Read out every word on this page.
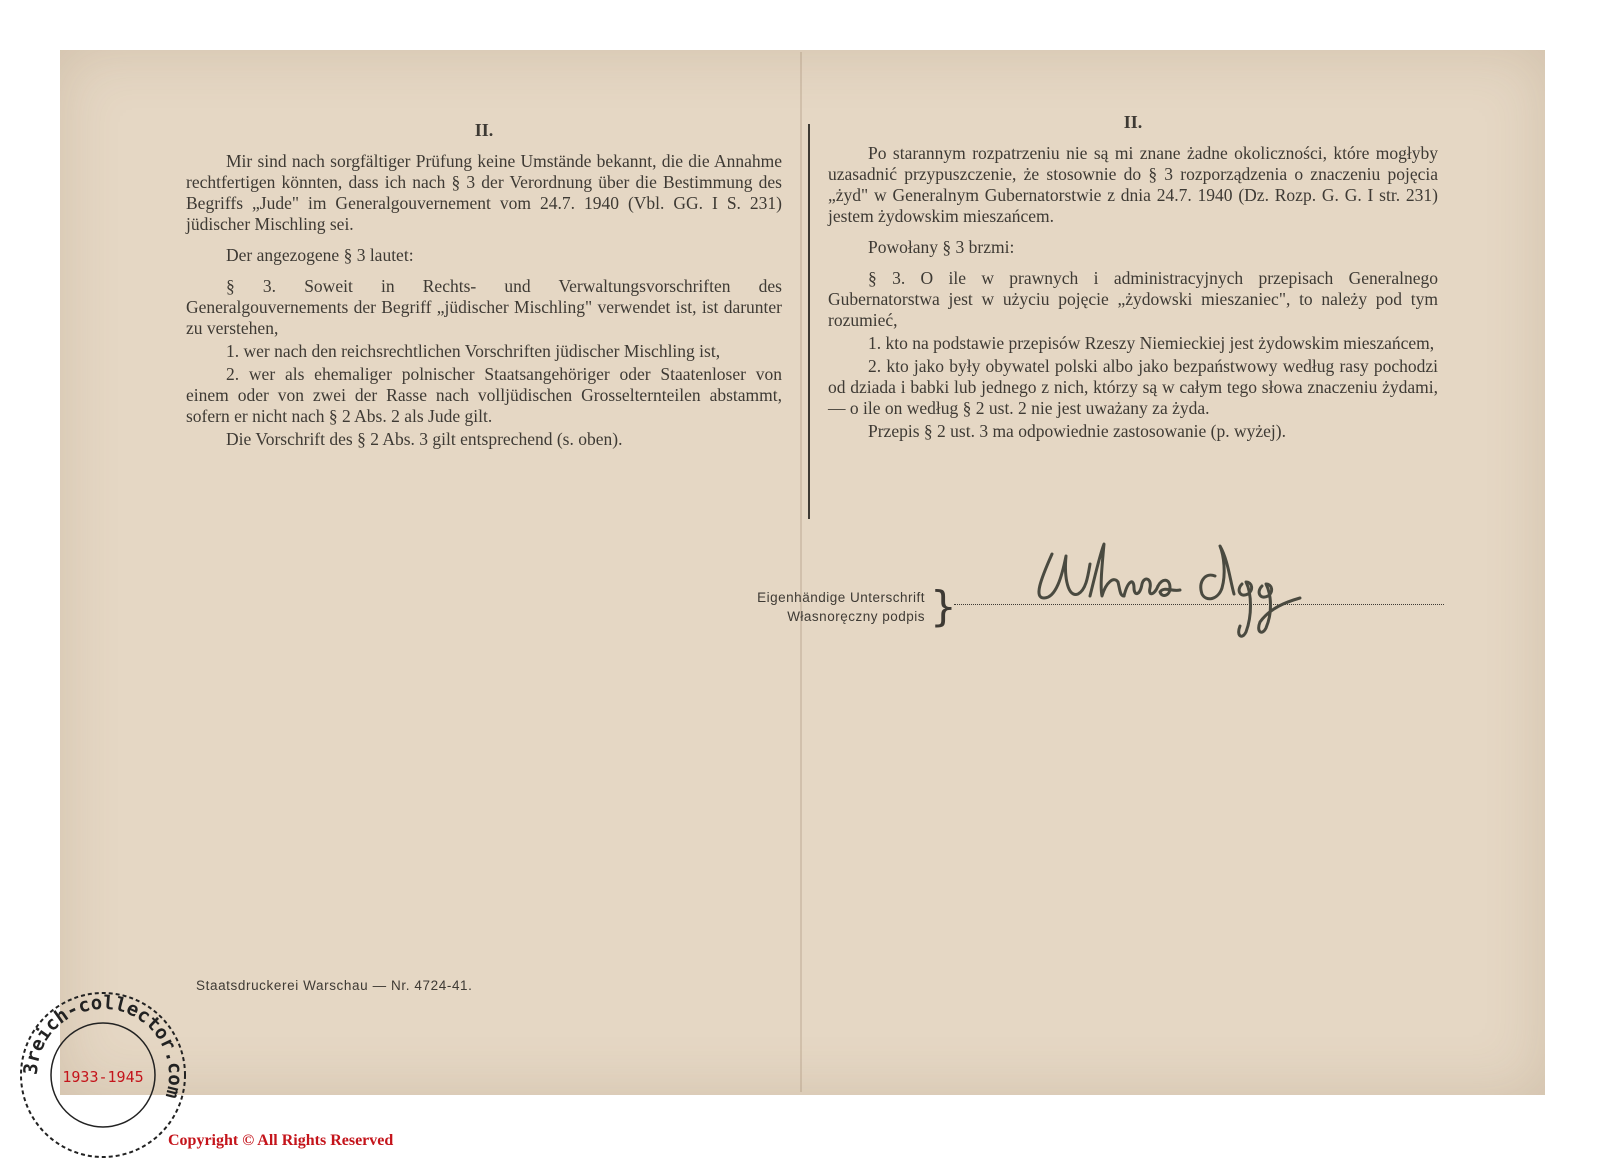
II.

Mir sind nach sorgfältiger Prüfung keine Umstände bekannt, die die Annahme rechtfertigen könnten, dass ich nach § 3 der Verordnung über die Bestimmung des Begriffs „Jude" im Generalgouvernement vom 24.7. 1940 (Vbl. GG. I S. 231) jüdischer Mischling sei.

Der angezogene § 3 lautet:

§ 3. Soweit in Rechts- und Verwaltungsvorschriften des Generalgouvernements der Begriff „jüdischer Mischling" verwendet ist, ist darunter zu verstehen,

1. wer nach den reichsrechtlichen Vorschriften jüdischer Mischling ist,

2. wer als ehemaliger polnischer Staatsangehöriger oder Staatenloser von einem oder von zwei der Rasse nach volljüdischen Grosselternteilen abstammt, sofern er nicht nach § 2 Abs. 2 als Jude gilt.

Die Vorschrift des § 2 Abs. 3 gilt entsprechend (s. oben).

II.

Po starannym rozpatrzeniu nie są mi znane żadne okoliczności, które mogłyby uzasadnić przypuszczenie, że stosownie do § 3 rozporządzenia o znaczeniu pojęcia „żyd" w Generalnym Gubernatorstwie z dnia 24.7. 1940 (Dz. Rozp. G. G. I str. 231) jestem żydowskim mieszańcem.

Powołany § 3 brzmi:

§ 3. O ile w prawnych i administracyjnych przepisach Generalnego Gubernatorstwa jest w użyciu pojęcie „żydowski mieszaniec", to należy pod tym rozumieć,

1. kto na podstawie przepisów Rzeszy Niemieckiej jest żydowskim mieszańcem,

2. kto jako były obywatel polski albo jako bezpaństwowy według rasy pochodzi od dziada i babki lub jednego z nich, którzy są w całym tego słowa znaczeniu żydami, — o ile on według § 2 ust. 2 nie jest uważany za żyda.

Przepis § 2 ust. 3 ma odpowiednie zastosowanie (p. wyżej).

Eigenhändige Unterschrift
Własnoręczny podpis }
Staatsdruckerei Warschau — Nr. 4724-41.
3reich-collector.com
1933-1945
Copyright © All Rights Reserved
